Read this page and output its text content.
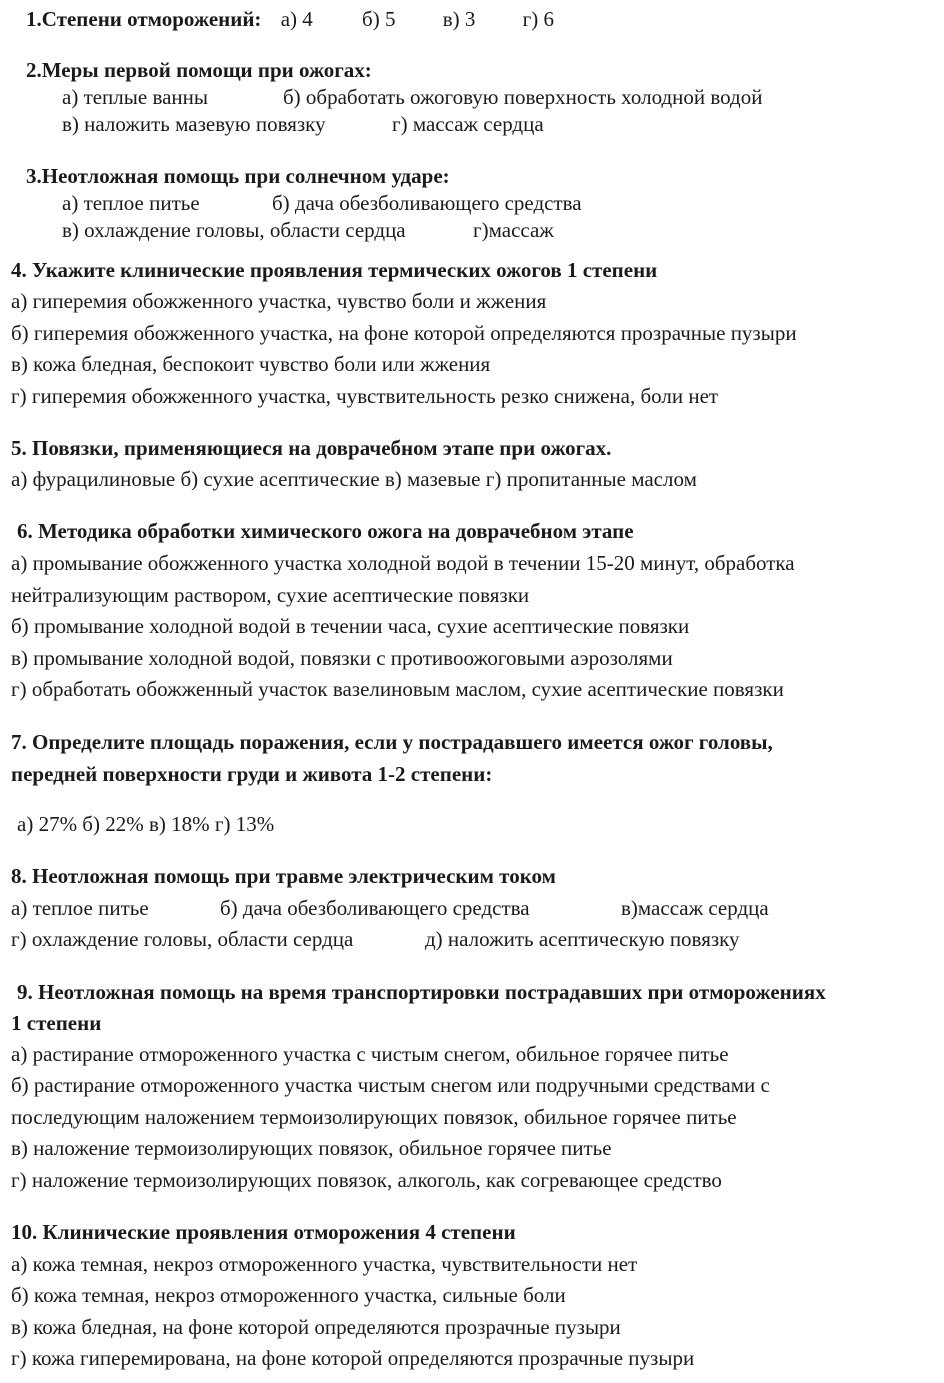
1.Степени отморожений: а) 4 б) 5 в) 3 г) 6
2.Меры первой помощи при ожогах:
а) теплые ванны	б) обработать ожоговую поверхность холодной водой
в) наложить мазевую повязку	г) массаж сердца
3.Неотложная помощь при солнечном ударе:
а) теплое питье	б) дача обезболивающего средства
в) охлаждение головы, области сердца	г)массаж
4. Укажите клинические проявления термических ожогов 1 степени
а) гиперемия обожженного участка, чувство боли и жжения
б) гиперемия обожженного участка, на фоне которой определяются прозрачные пузыри
в) кожа бледная, беспокоит чувство боли или жжения
г) гиперемия обожженного участка, чувствительность резко снижена, боли нет
5. Повязки, применяющиеся на доврачебном этапе при ожогах.
а) фурацилиновые б) сухие асептические в) мазевые г) пропитанные маслом
6. Методика обработки химического ожога на доврачебном этапе
а) промывание обожженного участка холодной водой в течении 15-20 минут, обработка
нейтрализующим раствором, сухие асептические повязки
б) промывание холодной водой в течении часа, сухие асептические повязки
в) промывание холодной водой, повязки с противоожоговыми аэрозолями
г) обработать обожженный участок вазелиновым маслом, сухие асептические повязки
7. Определите площадь поражения, если у пострадавшего имеется ожог головы,
передней поверхности груди и живота 1-2 степени:
а) 27% б) 22% в) 18% г) 13%
8. Неотложная помощь при травме электрическим током
а) теплое питье	б) дача обезболивающего средства	в)массаж сердца
г) охлаждение головы, области сердца	д) наложить асептическую повязку
9. Неотложная помощь на время транспортировки пострадавших при отморожениях
1 степени
а) растирание отмороженного участка с чистым снегом, обильное горячее питье
б) растирание отмороженного участка чистым снегом или подручными средствами с
последующим наложением термоизолирующих повязок, обильное горячее питье
в) наложение термоизолирующих повязок, обильное горячее питье
г) наложение термоизолирующих повязок, алкоголь, как согревающее средство
10. Клинические проявления отморожения 4 степени
а) кожа темная, некроз отмороженного участка, чувствительности нет
б) кожа темная, некроз отмороженного участка, сильные боли
в) кожа бледная, на фоне которой определяются прозрачные пузыри
г) кожа гиперемирована, на фоне которой определяются прозрачные пузыри
